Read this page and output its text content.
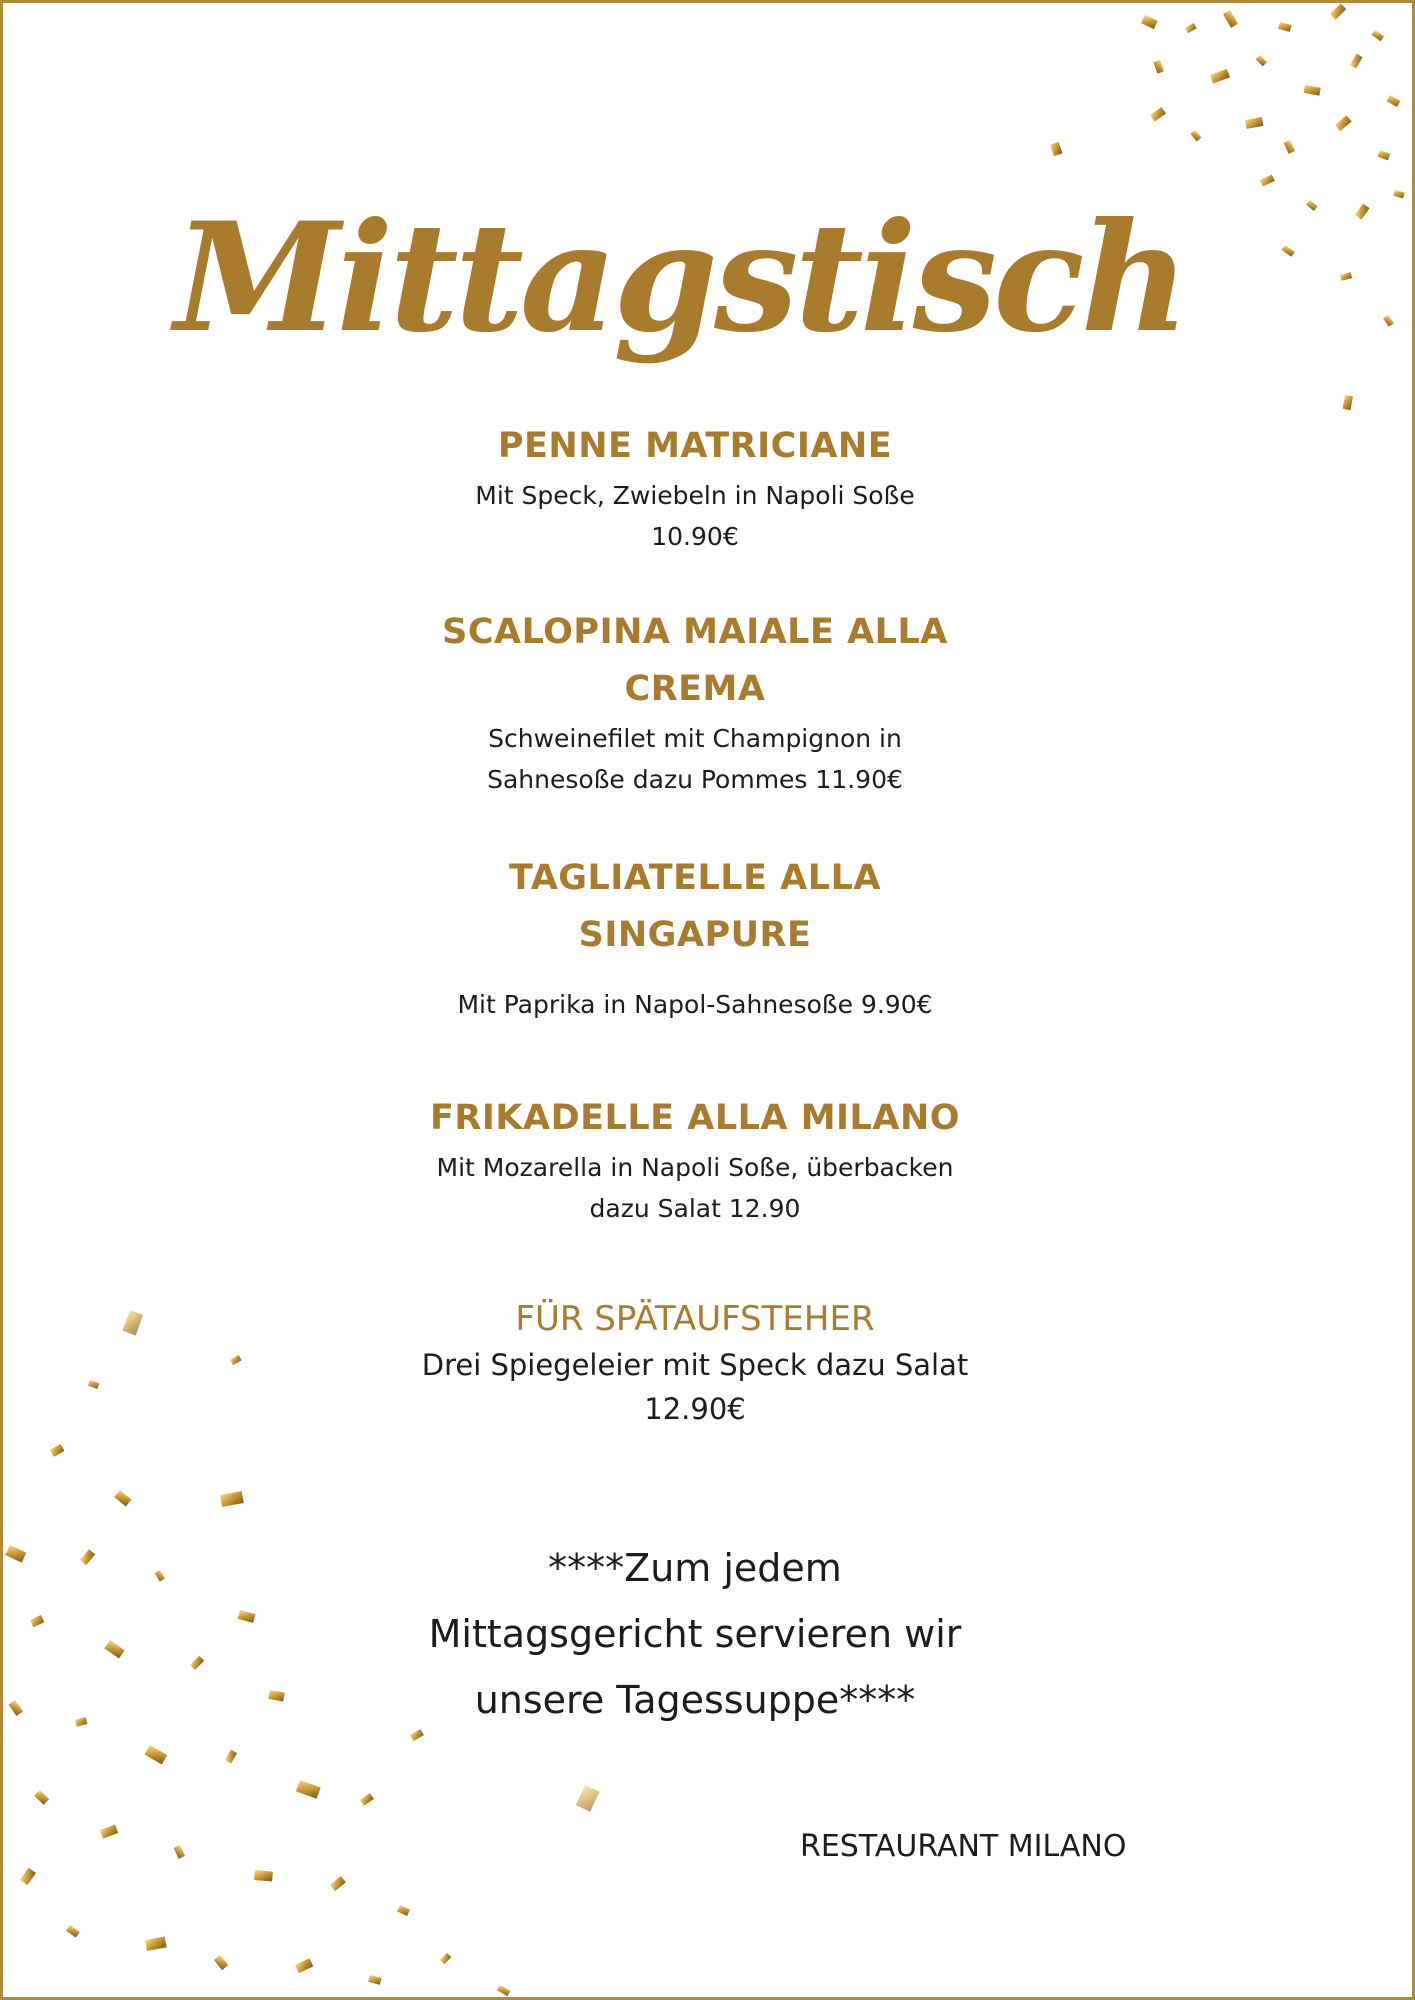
Mittagstisch

PENNE MATRICIANE

Mit Speck, Zwiebeln in Napoli Soße

10.90€

SCALOPINA MAIALE ALLA

CREMA

Schweinefilet mit Champignon in

Sahnesoße dazu Pommes 11.90€

TAGLIATELLE ALLA

SINGAPURE

Mit Paprika in Napol-Sahnesoße 9.90€

FRIKADELLE ALLA MILANO

Mit Mozarella in Napoli Soße, überbacken

dazu Salat 12.90

FÜR SPÄTAUFSTEHER

Drei Spiegeleier mit Speck dazu Salat

12.90€

****Zum jedem

Mittagsgericht servieren wir

unsere Tagessuppe****

RESTAURANT MILANO
